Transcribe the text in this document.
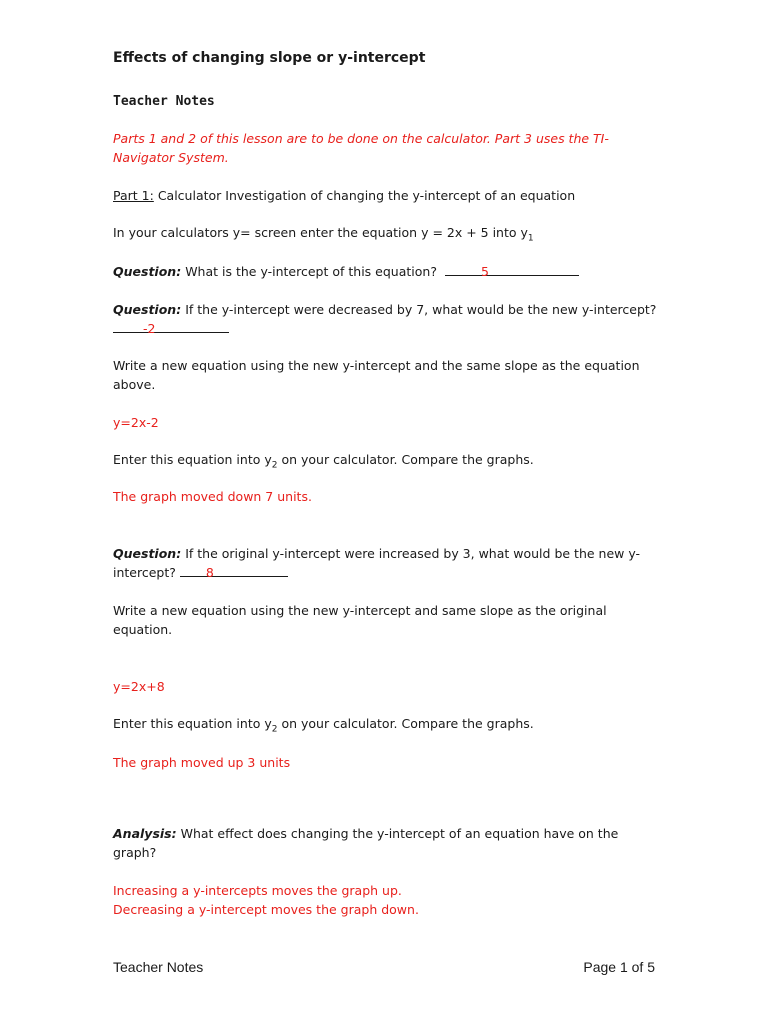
Effects of changing slope or y-intercept

Teacher Notes

Parts 1 and 2 of this lesson are to be done on the calculator. Part 3 uses the TI-Navigator System.

Part 1: Calculator Investigation of changing the y-intercept of an equation

In your calculators y= screen enter the equation y = 2x + 5 into $y_1$

Question: What is the y-intercept of this equation?	5

Question: If the y-intercept were decreased by 7, what would be the new y-intercept?
-2

Write a new equation using the new y-intercept and the same slope as the equation above.

y=2x-2

Enter this equation into $y_2$ on your calculator. Compare the graphs.

The graph moved down 7 units.

Question: If the original y-intercept were increased by 3, what would be the new y-intercept? 8

Write a new equation using the new y-intercept and same slope as the original equation.

y=2x+8

Enter this equation into $y_2$ on your calculator. Compare the graphs.

The graph moved up 3 units

Analysis: What effect does changing the y-intercept of an equation have on the graph?

Increasing a y-intercepts moves the graph up.
Decreasing a y-intercept moves the graph down.

Teacher Notes	Page 1 of 5
